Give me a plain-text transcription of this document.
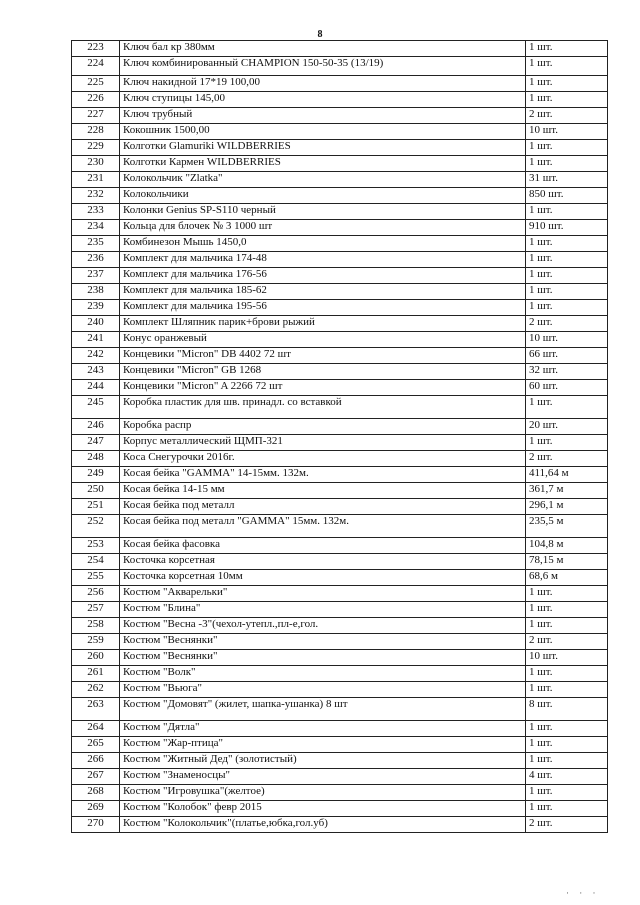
8
223	Ключ бал кр 380мм	1 шт.
224	Ключ комбинированный CHAMPION 150-50-35 (13/19)	1 шт.
225	Ключ накидной 17*19 100,00	1 шт.
226	Ключ ступицы 145,00	1 шт.
227	Ключ трубный	2 шт.
228	Кокошник 1500,00	10 шт.
229	Колготки Glamuriki WILDBERRIES	1 шт.
230	Колготки Кармен WILDBERRIES	1 шт.
231	Колокольчик "Zlatka"	31 шт.
232	Колокольчики	850 шт.
233	Колонки Genius SP-S110 черный	1 шт.
234	Кольца для блочек № 3 1000 шт	910 шт.
235	Комбинезон Мышь 1450,0	1 шт.
236	Комплект для мальчика 174-48	1 шт.
237	Комплект для мальчика 176-56	1 шт.
238	Комплект для мальчика 185-62	1 шт.
239	Комплект для мальчика 195-56	1 шт.
240	Комплект Шляпник парик+брови рыжий	2 шт.
241	Конус оранжевый	10 шт.
242	Концевики "Micron" DB 4402 72 шт	66 шт.
243	Концевики "Micron" GB 1268	32 шт.
244	Концевики "Micron" A 2266 72 шт	60 шт.
245	Коробка пластик для шв. принадл. со вставкой	1 шт.
246	Коробка распр	20 шт.
247	Корпус металлический ЩМП-321	1 шт.
248	Коса Снегурочки 2016г.	2 шт.
249	Косая бейка "GAMMA" 14-15мм. 132м.	411,64 м
250	Косая бейка 14-15 мм	361,7 м
251	Косая бейка под металл	296,1 м
252	Косая бейка под металл "GAMMA" 15мм. 132м.	235,5 м
253	Косая бейка фасовка	104,8 м
254	Косточка корсетная	78,15 м
255	Косточка корсетная 10мм	68,6 м
256	Костюм "Акварельки"	1 шт.
257	Костюм "Блина"	1 шт.
258	Костюм "Весна -3"(чехол-утепл.,пл-е,гол.	1 шт.
259	Костюм "Веснянки"	2 шт.
260	Костюм "Веснянки"	10 шт.
261	Костюм "Волк"	1 шт.
262	Костюм "Вьюга"	1 шт.
263	Костюм "Домовят" (жилет, шапка-ушанка) 8 шт	8 шт.
264	Костюм "Дятла"	1 шт.
265	Костюм "Жар-птица"	1 шт.
266	Костюм "Житный Дед" (золотистый)	1 шт.
267	Костюм "Знаменосцы"	4 шт.
268	Костюм "Игровушка"(желтое)	1 шт.
269	Костюм "Колобок" февр 2015	1 шт.
270	Костюм "Колокольчик"(платье,юбка,гол.уб)	2 шт.
· · ·
